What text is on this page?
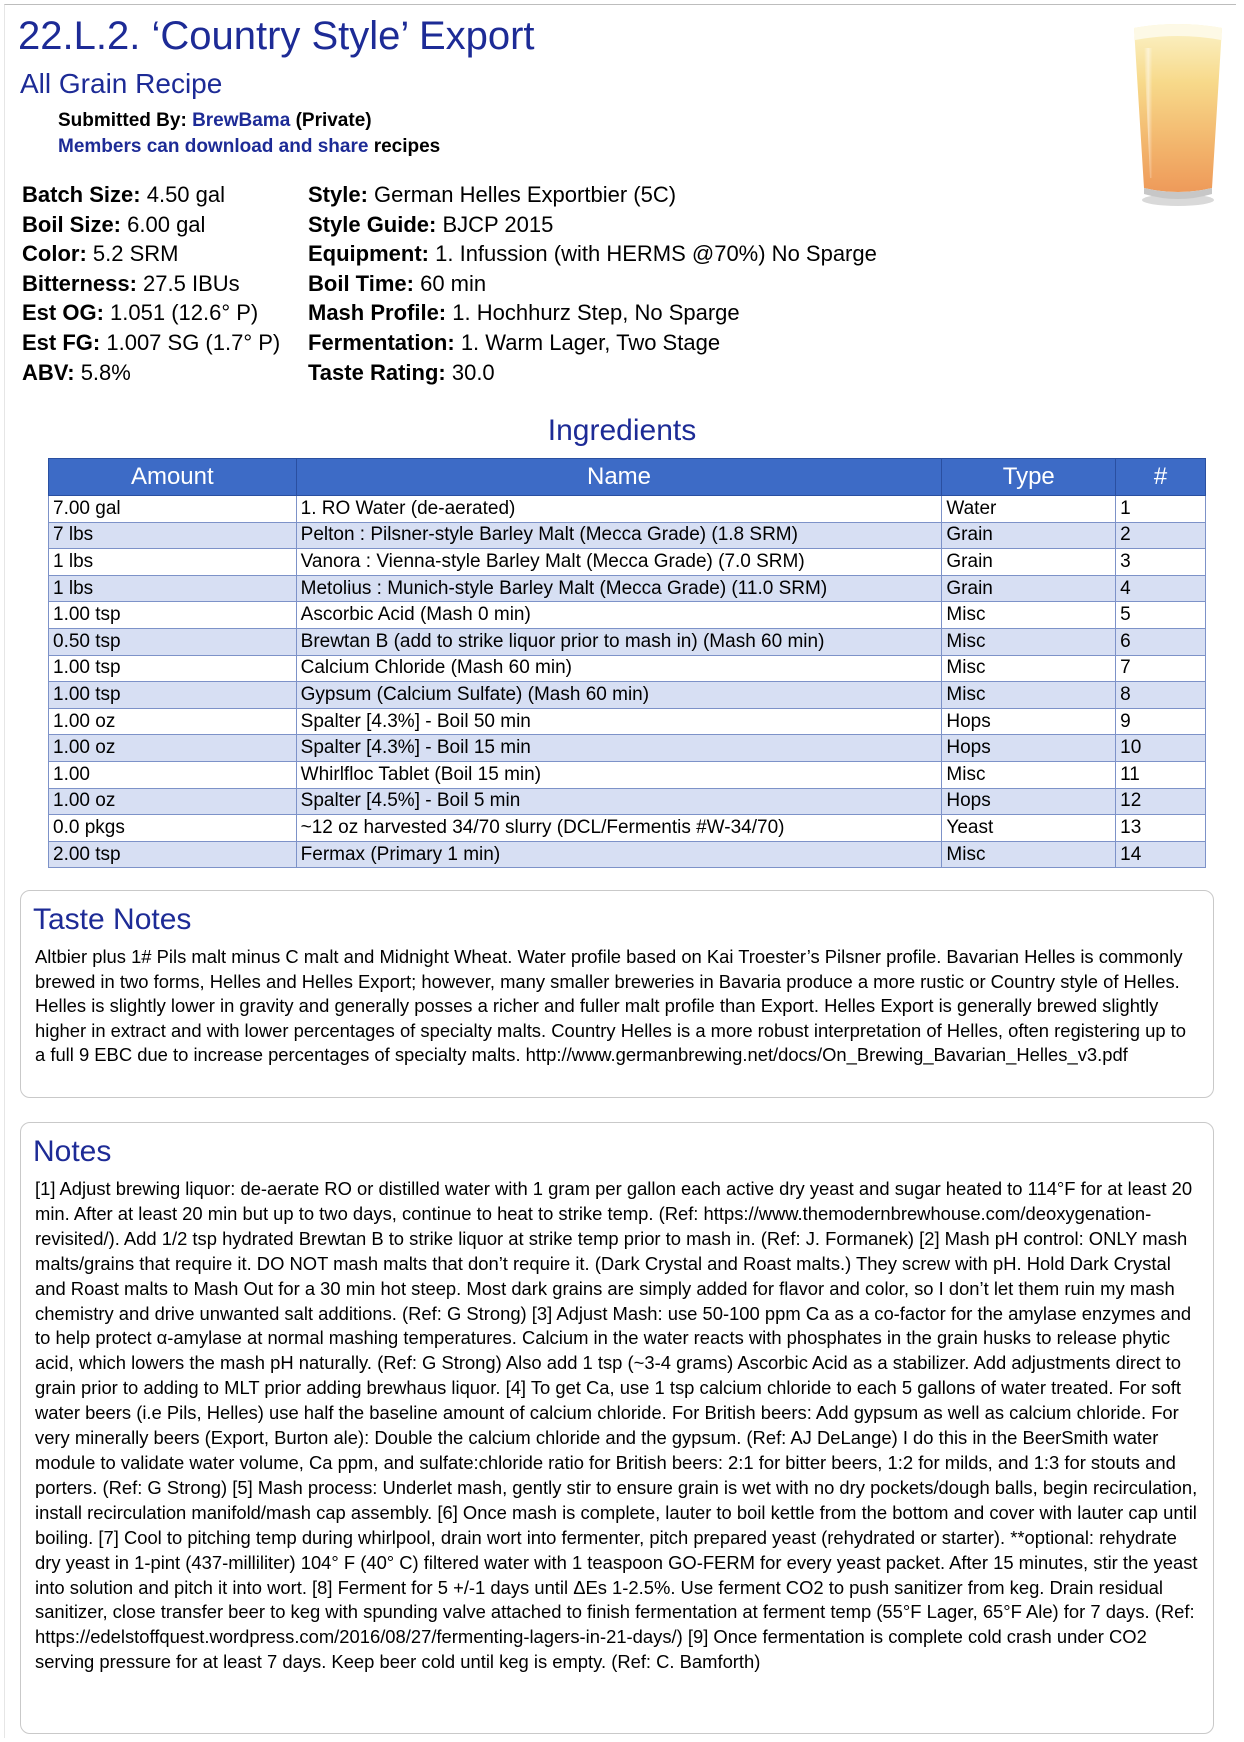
22.L.2. ‘Country Style’ Export
All Grain Recipe
Submitted By: BrewBama (Private)
Members can download and share recipes
Batch Size: 4.50 gal
Boil Size: 6.00 gal
Color: 5.2 SRM
Bitterness: 27.5 IBUs
Est OG: 1.051 (12.6° P)
Est FG: 1.007 SG (1.7° P)
ABV: 5.8%
Style: German Helles Exportbier (5C)
Style Guide: BJCP 2015
Equipment: 1. Infussion (with HERMS @70%) No Sparge
Boil Time: 60 min
Mash Profile: 1. Hochhurz Step, No Sparge
Fermentation: 1. Warm Lager, Two Stage
Taste Rating: 30.0
Ingredients
Amount	Name	Type	#
7.00 gal	1. RO Water (de-aerated)	Water	1
7 lbs	Pelton : Pilsner-style Barley Malt (Mecca Grade) (1.8 SRM)	Grain	2
1 lbs	Vanora : Vienna-style Barley Malt (Mecca Grade) (7.0 SRM)	Grain	3
1 lbs	Metolius : Munich-style Barley Malt (Mecca Grade) (11.0 SRM)	Grain	4
1.00 tsp	Ascorbic Acid (Mash 0 min)	Misc	5
0.50 tsp	Brewtan B (add to strike liquor prior to mash in) (Mash 60 min)	Misc	6
1.00 tsp	Calcium Chloride (Mash 60 min)	Misc	7
1.00 tsp	Gypsum (Calcium Sulfate) (Mash 60 min)	Misc	8
1.00 oz	Spalter [4.3%] - Boil 50 min	Hops	9
1.00 oz	Spalter [4.3%] - Boil 15 min	Hops	10
1.00	Whirlfloc Tablet (Boil 15 min)	Misc	11
1.00 oz	Spalter [4.5%] - Boil 5 min	Hops	12
0.0 pkgs	~12 oz harvested 34/70 slurry (DCL/Fermentis #W-34/70)	Yeast	13
2.00 tsp	Fermax (Primary 1 min)	Misc	14
Taste Notes
Altbier plus 1# Pils malt minus C malt and Midnight Wheat. Water profile based on Kai Troester’s Pilsner profile. Bavarian Helles is commonly brewed in two forms, Helles and Helles Export; however, many smaller breweries in Bavaria produce a more rustic or Country style of Helles. Helles is slightly lower in gravity and generally posses a richer and fuller malt profile than Export. Helles Export is generally brewed slightly higher in extract and with lower percentages of specialty malts. Country Helles is a more robust interpretation of Helles, often registering up to a full 9 EBC due to increase percentages of specialty malts. http://www.germanbrewing.net/docs/On_Brewing_Bavarian_Helles_v3.pdf
Notes
[1] Adjust brewing liquor: de-aerate RO or distilled water with 1 gram per gallon each active dry yeast and sugar heated to 114°F for at least 20 min. After at least 20 min but up to two days, continue to heat to strike temp. (Ref: https://www.themodernbrewhouse.com/deoxygenation-revisited/). Add 1/2 tsp hydrated Brewtan B to strike liquor at strike temp prior to mash in. (Ref: J. Formanek) [2] Mash pH control: ONLY mash malts/grains that require it. DO NOT mash malts that don’t require it. (Dark Crystal and Roast malts.) They screw with pH. Hold Dark Crystal and Roast malts to Mash Out for a 30 min hot steep. Most dark grains are simply added for flavor and color, so I don’t let them ruin my mash chemistry and drive unwanted salt additions. (Ref: G Strong) [3] Adjust Mash: use 50-100 ppm Ca as a co-factor for the amylase enzymes and to help protect α-amylase at normal mashing temperatures. Calcium in the water reacts with phosphates in the grain husks to release phytic acid, which lowers the mash pH naturally. (Ref: G Strong) Also add 1 tsp (~3-4 grams) Ascorbic Acid as a stabilizer. Add adjustments direct to grain prior to adding to MLT prior adding brewhaus liquor. [4] To get Ca, use 1 tsp calcium chloride to each 5 gallons of water treated. For soft water beers (i.e Pils, Helles) use half the baseline amount of calcium chloride. For British beers: Add gypsum as well as calcium chloride. For very minerally beers (Export, Burton ale): Double the calcium chloride and the gypsum. (Ref: AJ DeLange) I do this in the BeerSmith water module to validate water volume, Ca ppm, and sulfate:chloride ratio for British beers: 2:1 for bitter beers, 1:2 for milds, and 1:3 for stouts and porters. (Ref: G Strong) [5] Mash process: Underlet mash, gently stir to ensure grain is wet with no dry pockets/dough balls, begin recirculation, install recirculation manifold/mash cap assembly. [6] Once mash is complete, lauter to boil kettle from the bottom and cover with lauter cap until boiling. [7] Cool to pitching temp during whirlpool, drain wort into fermenter, pitch prepared yeast (rehydrated or starter). **optional: rehydrate dry yeast in 1-pint (437-milliliter) 104° F (40° C) filtered water with 1 teaspoon GO-FERM for every yeast packet. After 15 minutes, stir the yeast into solution and pitch it into wort. [8] Ferment for 5 +/-1 days until ΔEs 1-2.5%. Use ferment CO2 to push sanitizer from keg. Drain residual sanitizer, close transfer beer to keg with spunding valve attached to finish fermentation at ferment temp (55°F Lager, 65°F Ale) for 7 days. (Ref: https://edelstoffquest.wordpress.com/2016/08/27/fermenting-lagers-in-21-days/) [9] Once fermentation is complete cold crash under CO2 serving pressure for at least 7 days. Keep beer cold until keg is empty. (Ref: C. Bamforth)
